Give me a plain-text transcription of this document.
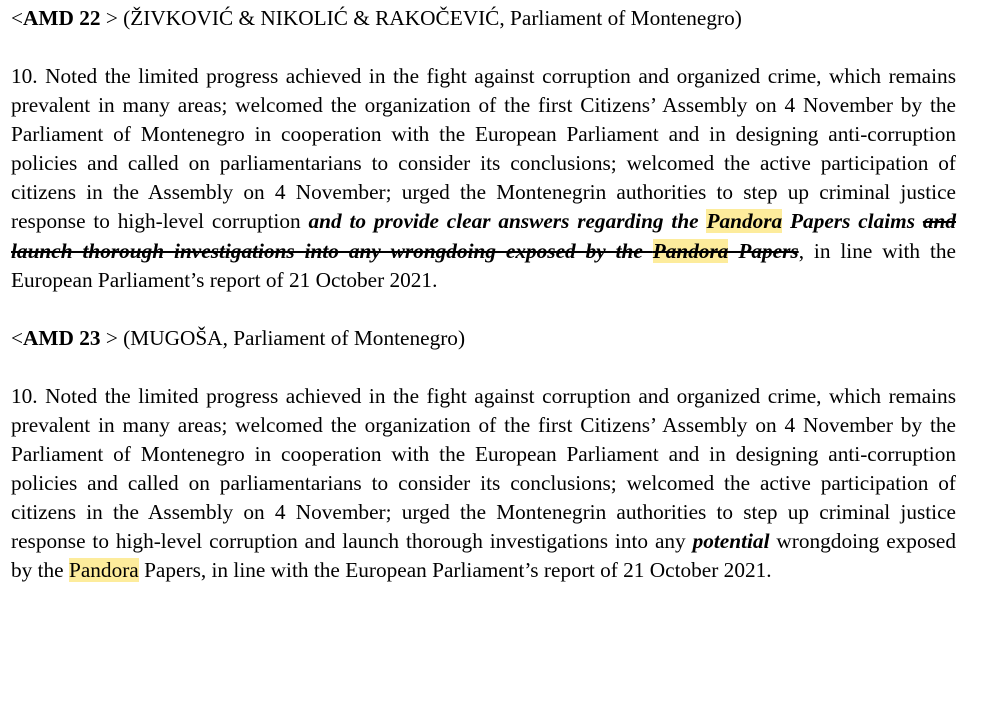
<AMD 22 > (ŽIVKOVIĆ & NIKOLIĆ & RAKOČEVIĆ, Parliament of Montenegro)

10. Noted the limited progress achieved in the fight against corruption and organized crime, which remains prevalent in many areas; welcomed the organization of the first Citizens’ Assembly on 4 November by the Parliament of Montenegro in cooperation with the European Parliament and in designing anti-corruption policies and called on parliamentarians to consider its conclusions; welcomed the active participation of citizens in the Assembly on 4 November; urged the Montenegrin authorities to step up criminal justice response to high-level corruption and to provide clear answers regarding the Pandora Papers claims and launch thorough investigations into any wrongdoing exposed by the Pandora Papers, in line with the European Parliament’s report of 21 October 2021.

<AMD 23 > (MUGOŠA, Parliament of Montenegro)

10. Noted the limited progress achieved in the fight against corruption and organized crime, which remains prevalent in many areas; welcomed the organization of the first Citizens’ Assembly on 4 November by the Parliament of Montenegro in cooperation with the European Parliament and in designing anti-corruption policies and called on parliamentarians to consider its conclusions; welcomed the active participation of citizens in the Assembly on 4 November; urged the Montenegrin authorities to step up criminal justice response to high-level corruption and launch thorough investigations into any potential wrongdoing exposed by the Pandora Papers, in line with the European Parliament’s report of 21 October 2021.
